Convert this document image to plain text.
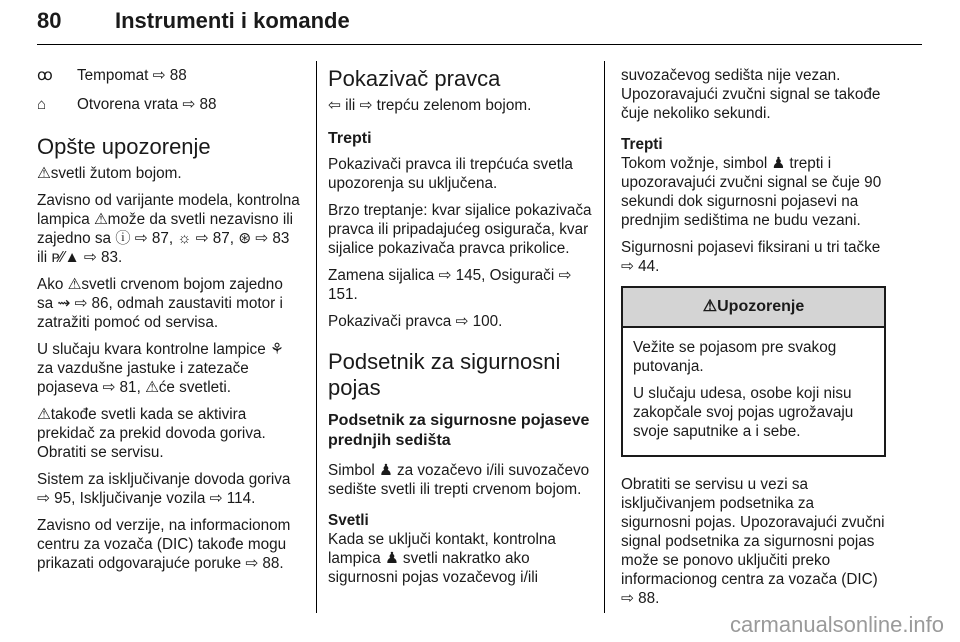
80 Instrumenti i komande
ꝏ	Tempomat ⇨ 88
⌂	Otvorena vrata ⇨ 88
Opšte upozorenje

⚠svetli žutom bojom.

Zavisno od varijante modela, kontrolna lampica ⚠može da svetli nezavisno ili zajedno sa ⓘ ⇨ 87, ☼ ⇨ 87, ⊛ ⇨ 83 ili ᴘ⁄⁄▲ ⇨ 83.

Ako ⚠svetli crvenom bojom zajedno sa ⇝ ⇨ 86, odmah zaustaviti motor i zatražiti pomoć od servisa.

U slučaju kvara kontrolne lampice ⚘ za vazdušne jastuke i zatezače pojaseva ⇨ 81, ⚠će svetleti.

⚠takođe svetli kada se aktivira prekidač za prekid dovoda goriva. Obratiti se servisu.

Sistem za isključivanje dovoda goriva ⇨ 95, Isključivanje vozila ⇨ 114.

Zavisno od verzije, na informacionom centru za vozača (DIC) takođe mogu prikazati odgovarajuće poruke ⇨ 88.

Pokazivač pravca

⇦ ili ⇨ trepću zelenom bojom.

Trepti

Pokazivači pravca ili trepćuća svetla upozorenja su uključena.

Brzo treptanje: kvar sijalice pokazivača pravca ili pripadajućeg osigurača, kvar sijalice pokazivača pravca prikolice.

Zamena sijalica ⇨ 145, Osigurači ⇨ 151.

Pokazivači pravca ⇨ 100.

Podsetnik za sigurnosni pojas
Podsetnik za sigurnosne pojaseve prednjih sedišta

Simbol ♟ za vozačevo i/ili suvozačevo sedište svetli ili trepti crvenom bojom.

Svetli

Kada se uključi kontakt, kontrolna lampica ♟ svetli nakratko ako sigurnosni pojas vozačevog i/ili

suvozačevog sedišta nije vezan. Upozoravajući zvučni signal se takođe čuje nekoliko sekundi.

Trepti

Tokom vožnje, simbol ♟ trepti i upozoravajući zvučni signal se čuje 90 sekundi dok sigurnosni pojasevi na prednjim sedištima ne budu vezani.

Sigurnosni pojasevi fiksirani u tri tačke ⇨ 44.

⚠Upozorenje

Vežite se pojasom pre svakog putovanja.

U slučaju udesa, osobe koji nisu zakopčale svoj pojas ugrožavaju svoje saputnike a i sebe.

Obratiti se servisu u vezi sa isključivanjem podsetnika za sigurnosni pojas. Upozoravajući zvučni signal podsetnika za sigurnosni pojas može se ponovo uključiti preko informacionog centra za vozača (DIC) ⇨ 88.

carmanualsonline.info
